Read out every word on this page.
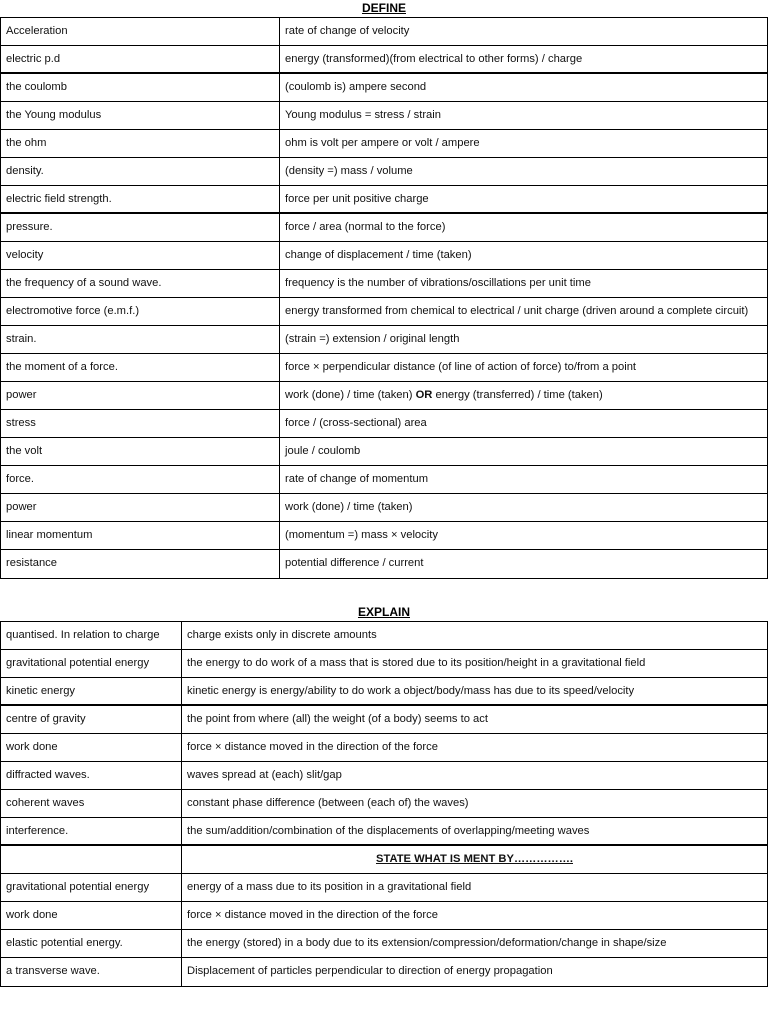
DEFINE
Acceleration	rate of change of velocity
electric p.d	energy (transformed)(from electrical to other forms) / charge
the coulomb	(coulomb is) ampere second
the Young modulus	Young modulus = stress / strain
the ohm	ohm is volt per ampere or volt / ampere
density.	(density =) mass / volume
electric field strength.	force per unit positive charge
pressure.	force / area (normal to the force)
velocity	change of displacement / time (taken)
the frequency of a sound wave.	frequency is the number of vibrations/oscillations per unit time
electromotive force (e.m.f.)	energy transformed from chemical to electrical / unit charge (driven around a complete circuit)
strain.	(strain =) extension / original length
the moment of a force.	force × perpendicular distance (of line of action of force) to/from a point
power	work (done) / time (taken) OR energy (transferred) / time (taken)
stress	force / (cross-sectional) area
the volt	joule / coulomb
force.	rate of change of momentum
power	work (done) / time (taken)
linear momentum	(momentum =) mass × velocity
resistance	potential difference / current
EXPLAIN
quantised. In relation to charge	charge exists only in discrete amounts
gravitational potential energy	the energy to do work of a mass that is stored due to its position/height in a gravitational field
kinetic energy	kinetic energy is energy/ability to do work a object/body/mass has due to its speed/velocity
centre of gravity	the point from where (all) the weight (of a body) seems to act
work done	force × distance moved in the direction of the force
diffracted waves.	waves spread at (each) slit/gap
coherent waves	constant phase difference (between (each of) the waves)
interference.	the sum/addition/combination of the displacements of overlapping/meeting waves
STATE WHAT IS MENT BY…………….
gravitational potential energy	energy of a mass due to its position in a gravitational field
work done	force × distance moved in the direction of the force
elastic potential energy.	the energy (stored) in a body due to its extension/compression/deformation/change in shape/size
a transverse wave.	Displacement of particles perpendicular to direction of energy propagation
